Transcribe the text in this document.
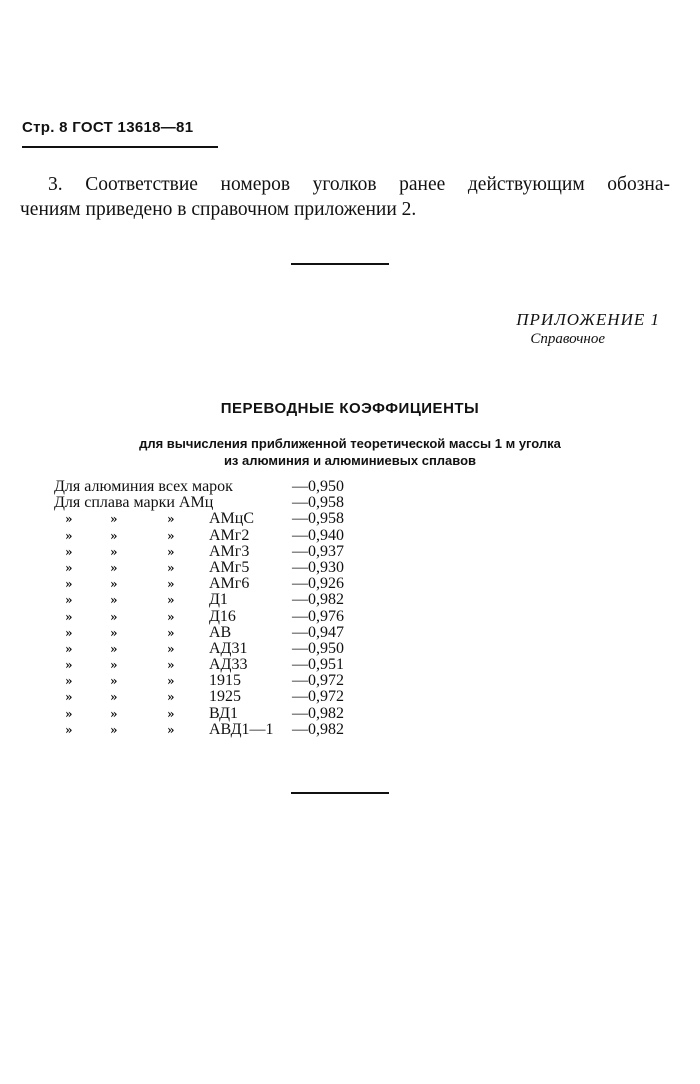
Стр. 8 ГОСТ 13618—81
3. Соответствие номеров уголков ранее действующим обозна-
чениям приведено в справочном приложении 2.
ПРИЛОЖЕНИЕ 1
Справочное
ПЕРЕВОДНЫЕ КОЭФФИЦИЕНТЫ
для вычисления приближенной теоретической массы 1 м уголка
из алюминия и алюминиевых сплавов
Для алюминия всех марок	—0,950
Для сплава марки АМц	—0,958
»	»	» АМцС —0,958
»	»	» АМг2	—0,940
»	»	» АМг3	—0,937
»	»	» АМг5	—0,930
»	»	» АМг6	—0,926
»	»	» Д1	—0,982
»	»	» Д16	—0,976
»	»	» АВ	—0,947
»	»	» АД31	—0,950
»	»	» АД33	—0,951
»	»	» 1915	—0,972
»	»	» 1925	—0,972
»	»	» ВД1	—0,982
»	»	» АВД1—1 —0,982
